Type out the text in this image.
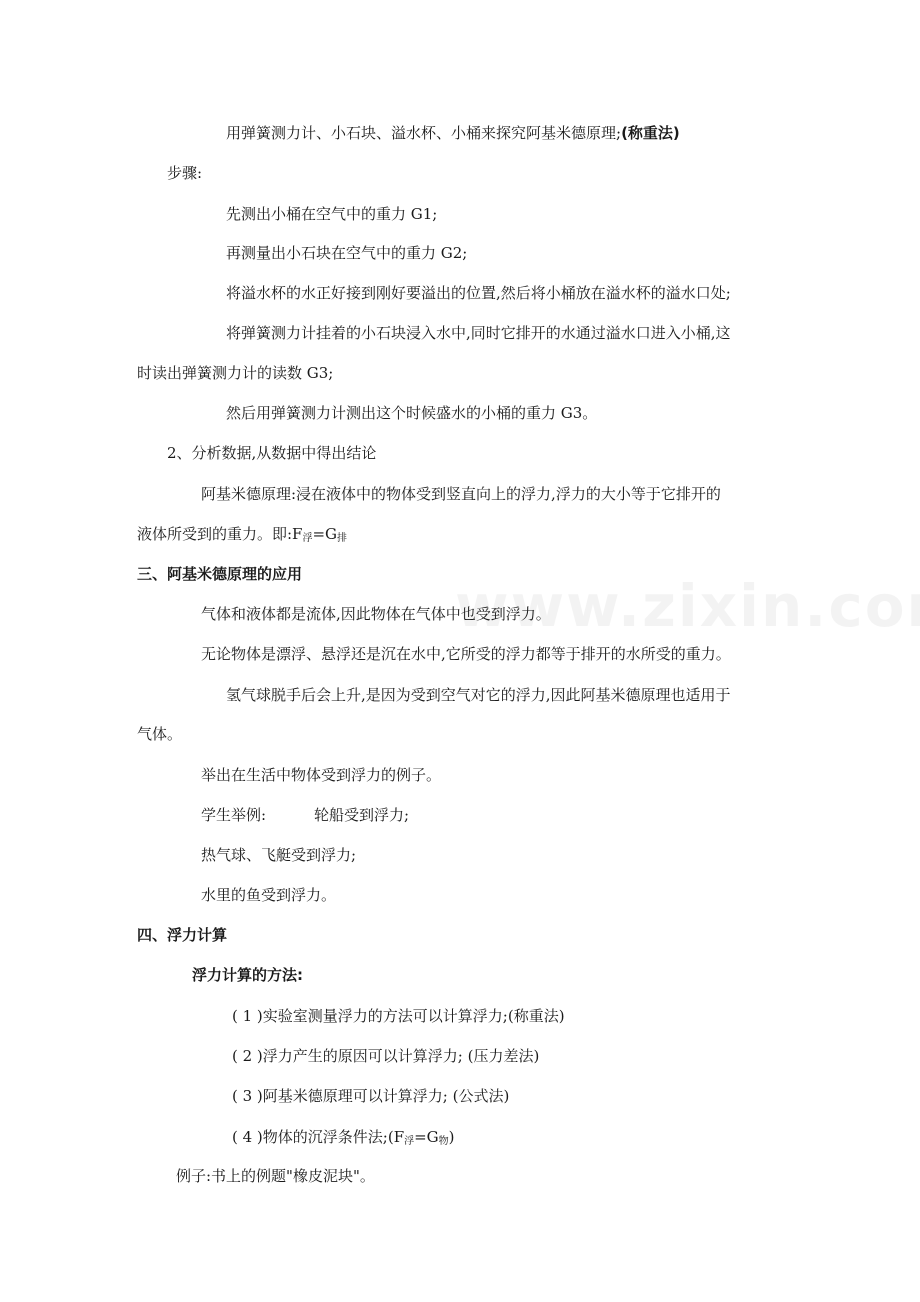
用弹簧测力计、小石块、溢水杯、小桶来探究阿基米德原理;(称重法)
步骤:
先测出小桶在空气中的重力 G1;
再测量出小石块在空气中的重力 G2;
将溢水杯的水正好接到刚好要溢出的位置,然后将小桶放在溢水杯的溢水口处;
将弹簧测力计挂着的小石块浸入水中,同时它排开的水通过溢水口进入小桶,这
时读出弹簧测力计的读数 G3;
然后用弹簧测力计测出这个时候盛水的小桶的重力 G3。
2、分析数据,从数据中得出结论
阿基米德原理:浸在液体中的物体受到竖直向上的浮力,浮力的大小等于它排开的
液体所受到的重力。即$:F_浮=G_排$
三、阿基米德原理的应用
气体和液体都是流体,因此物体在气体中也受到浮力。
无论物体是漂浮、悬浮还是沉在水中,它所受的浮力都等于排开的水所受的重力。
氢气球脱手后会上升,是因为受到空气对它的浮力,因此阿基米德原理也适用于
气体。
举出在生活中物体受到浮力的例子。
学生举例:	轮船受到浮力;
热气球、飞艇受到浮力;
水里的鱼受到浮力。
四、浮力计算
浮力计算的方法:
( 1 )实验室测量浮力的方法可以计算浮力;(称重法)
( 2 )浮力产生的原因可以计算浮力; (压力差法)
( 3 )阿基米德原理可以计算浮力; (公式法)
( 4 )物体的沉浮条件法$;(F_浮=G_物)$
例子:书上的例题"橡皮泥块"。
